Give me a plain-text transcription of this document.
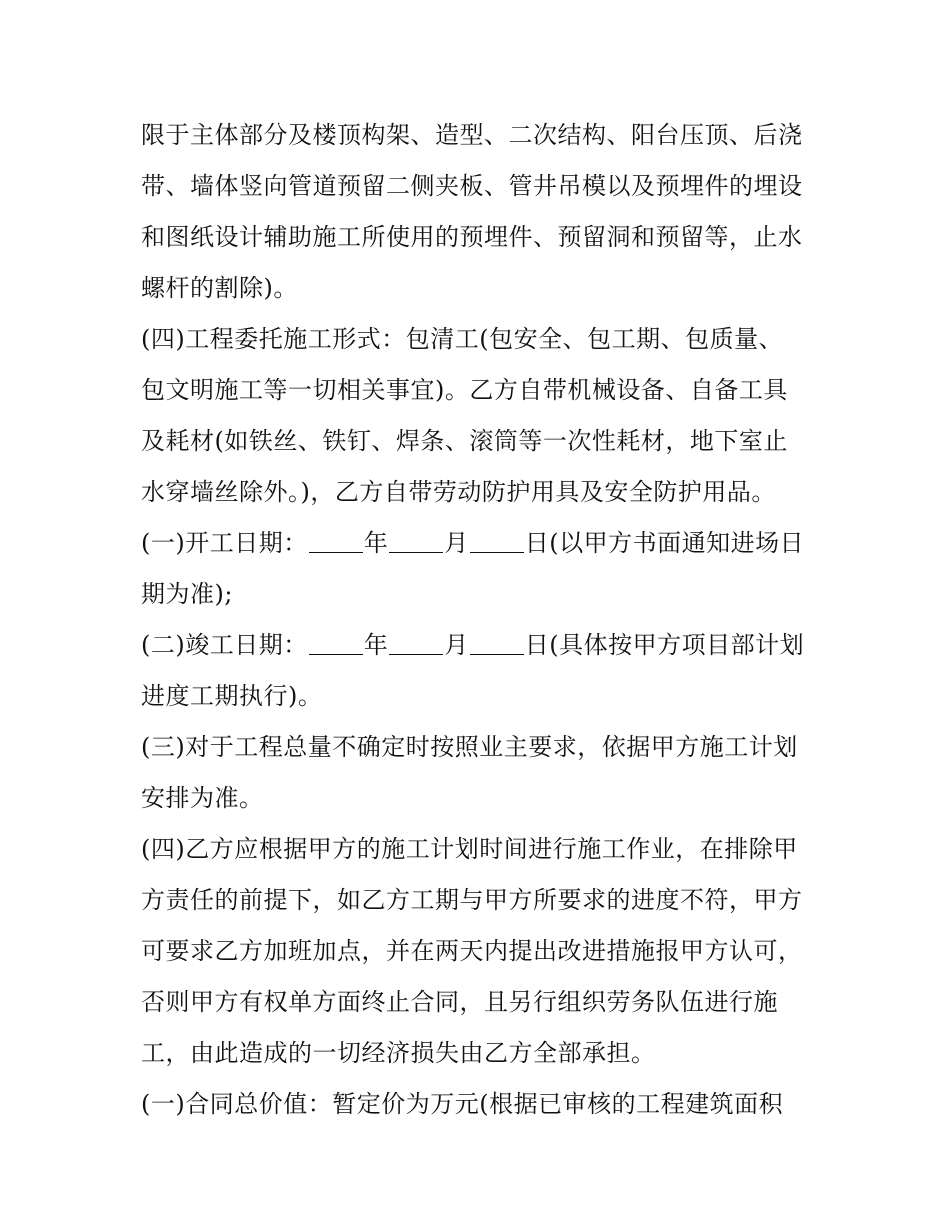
限于主体部分及楼顶构架、造型、二次结构、阳台压顶、后浇
带、墙体竖向管道预留二侧夹板、管井吊模以及预埋件的埋设
和图纸设计辅助施工所使用的预埋件、预留洞和预留等，止水
螺杆的割除)。
(四)工程委托施工形式：包清工(包安全、包工期、包质量、
包文明施工等一切相关事宜)。乙方自带机械设备、自备工具
及耗材(如铁丝、铁钉、焊条、滚筒等一次性耗材，地下室止
水穿墙丝除外。)，乙方自带劳动防护用具及安全防护用品。
(一)开工日期： 年 月 日(以甲方书面通知进场日
期为准);
(二)竣工日期： 年 月 日(具体按甲方项目部计划
进度工期执行)。
(三)对于工程总量不确定时按照业主要求，依据甲方施工计划
安排为准。
(四)乙方应根据甲方的施工计划时间进行施工作业，在排除甲
方责任的前提下，如乙方工期与甲方所要求的进度不符，甲方
可要求乙方加班加点，并在两天内提出改进措施报甲方认可，
否则甲方有权单方面终止合同，且另行组织劳务队伍进行施
工，由此造成的一切经济损失由乙方全部承担。
(一)合同总价值：暂定价为万元(根据已审核的工程建筑面积
